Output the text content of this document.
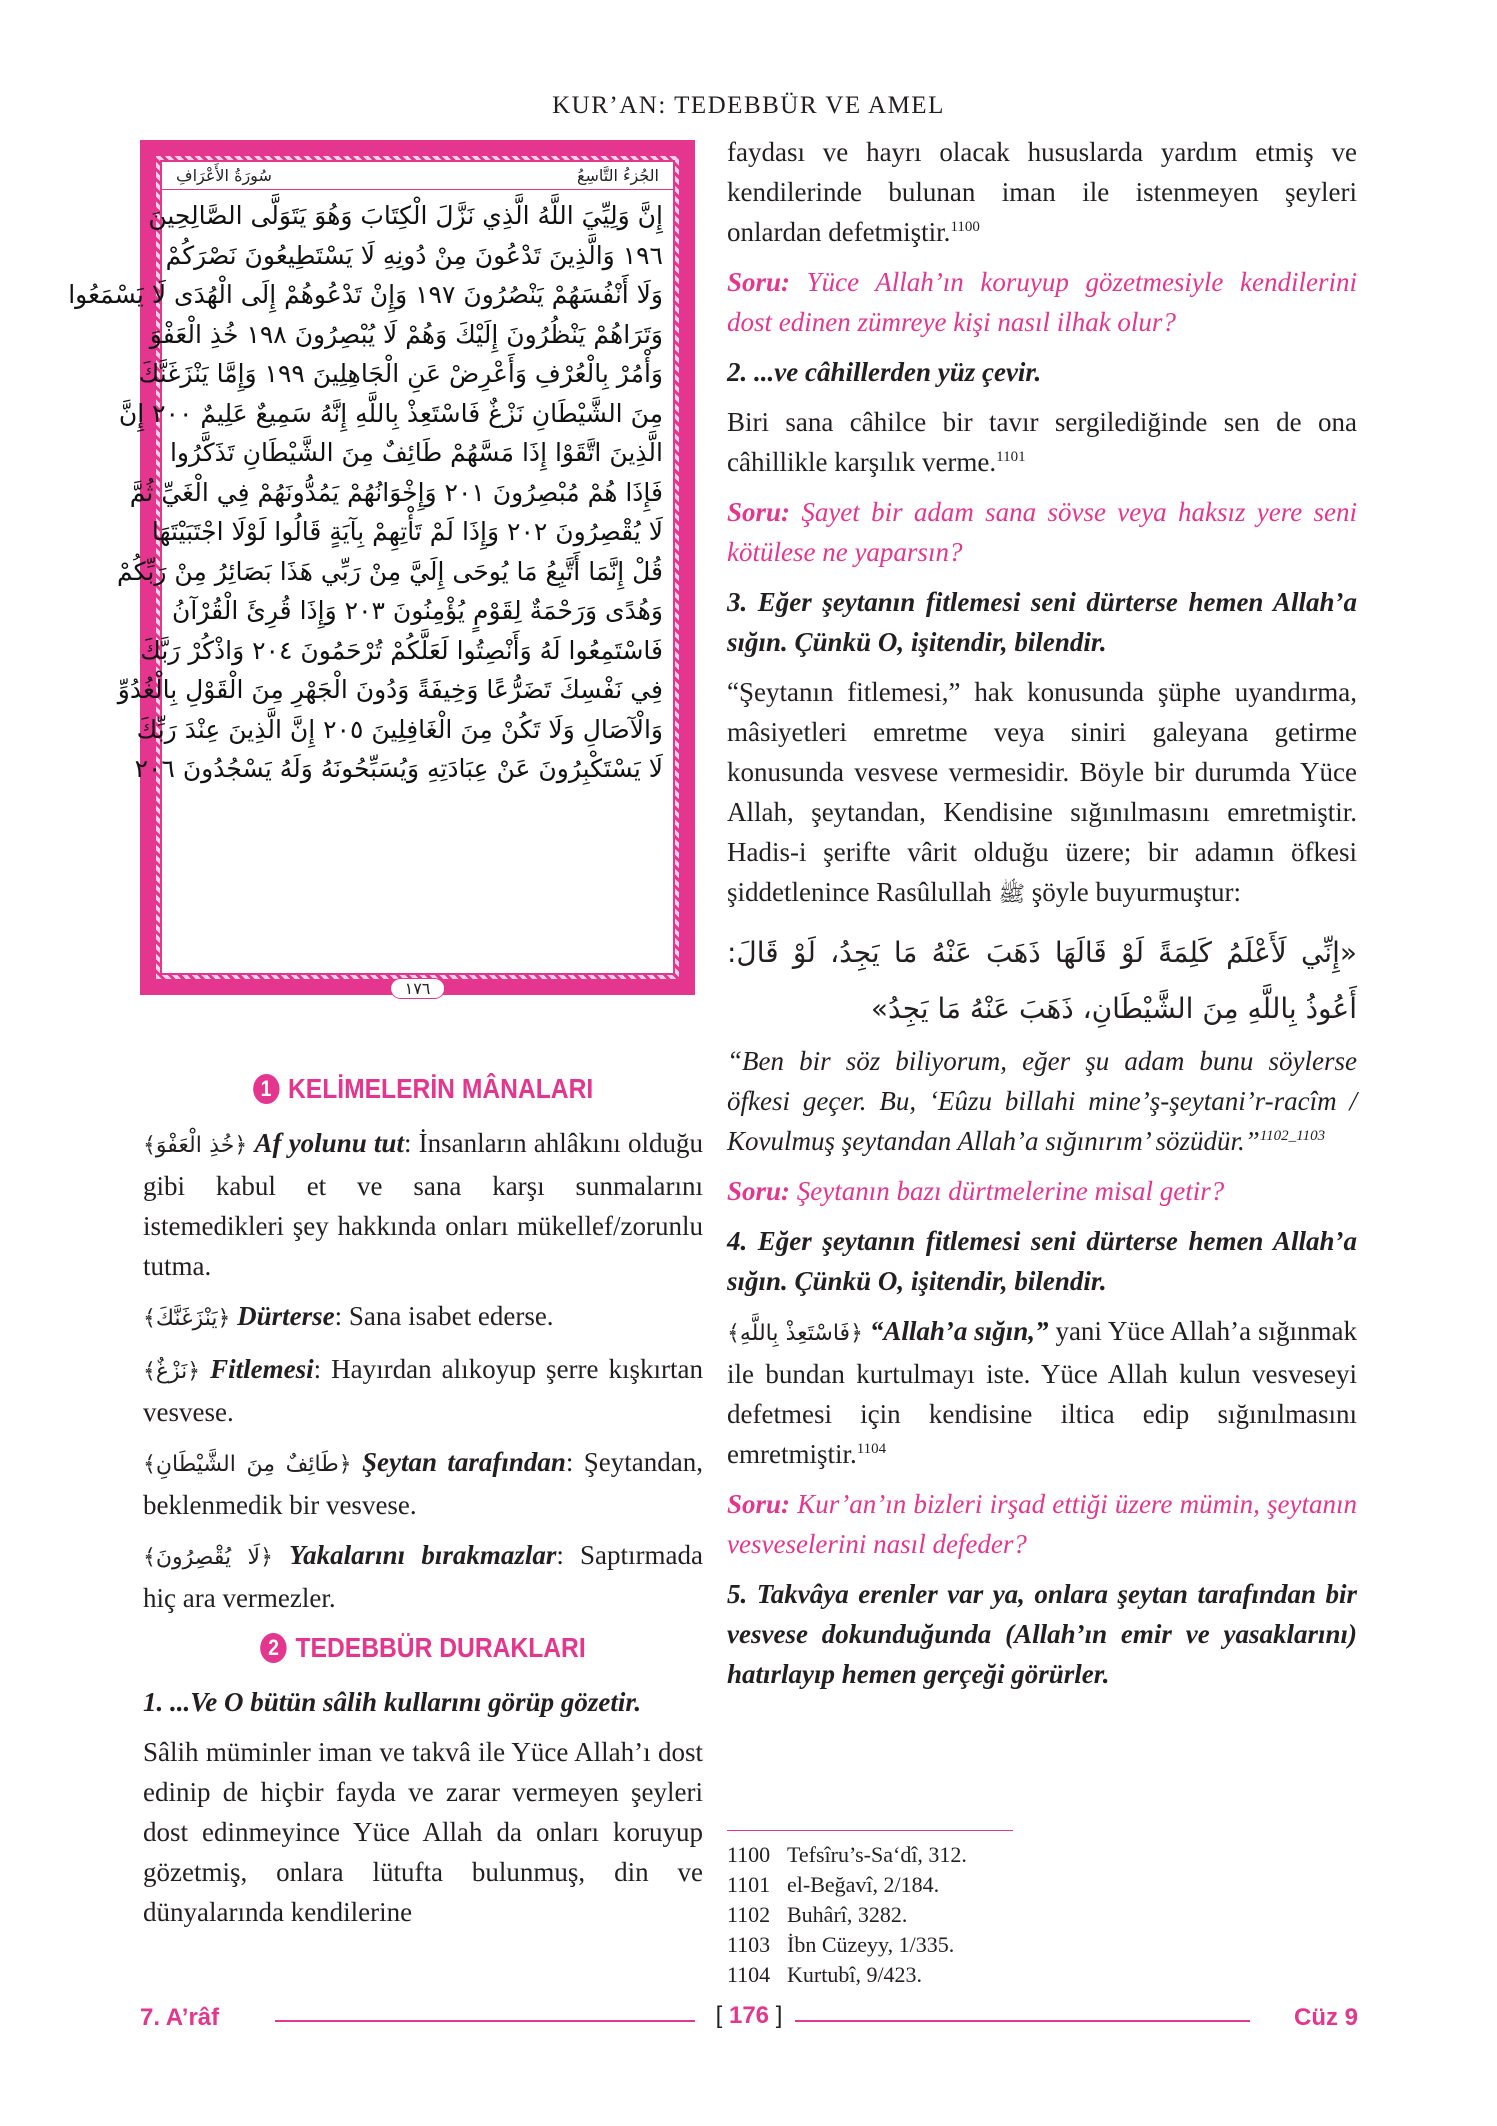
KUR’AN: TEDEBBÜR VE AMEL
الجُزءُ التَّاسِعُ
سُورَةُ الأَعْرَافِ
إِنَّ وَلِيِّيَ اللَّهُ الَّذِي نَزَّلَ الْكِتَابَ وَهُوَ يَتَوَلَّى الصَّالِحِينَ
١٩٦ وَالَّذِينَ تَدْعُونَ مِنْ دُونِهِ لَا يَسْتَطِيعُونَ نَصْرَكُمْ
وَلَا أَنْفُسَهُمْ يَنْصُرُونَ ١٩٧ وَإِنْ تَدْعُوهُمْ إِلَى الْهُدَى لَا يَسْمَعُوا
وَتَرَاهُمْ يَنْظُرُونَ إِلَيْكَ وَهُمْ لَا يُبْصِرُونَ ١٩٨ خُذِ الْعَفْوَ
وَأْمُرْ بِالْعُرْفِ وَأَعْرِضْ عَنِ الْجَاهِلِينَ ١٩٩ وَإِمَّا يَنْزَغَنَّكَ
مِنَ الشَّيْطَانِ نَزْغٌ فَاسْتَعِذْ بِاللَّهِ إِنَّهُ سَمِيعٌ عَلِيمٌ ٢٠٠ إِنَّ
الَّذِينَ اتَّقَوْا إِذَا مَسَّهُمْ طَائِفٌ مِنَ الشَّيْطَانِ تَذَكَّرُوا
فَإِذَا هُمْ مُبْصِرُونَ ٢٠١ وَإِخْوَانُهُمْ يَمُدُّونَهُمْ فِي الْغَيِّ ثُمَّ
لَا يُقْصِرُونَ ٢٠٢ وَإِذَا لَمْ تَأْتِهِمْ بِآيَةٍ قَالُوا لَوْلَا اجْتَبَيْتَهَا
قُلْ إِنَّمَا أَتَّبِعُ مَا يُوحَى إِلَيَّ مِنْ رَبِّي هَذَا بَصَائِرُ مِنْ رَبِّكُمْ
وَهُدًى وَرَحْمَةٌ لِقَوْمٍ يُؤْمِنُونَ ٢٠٣ وَإِذَا قُرِئَ الْقُرْآنُ
فَاسْتَمِعُوا لَهُ وَأَنْصِتُوا لَعَلَّكُمْ تُرْحَمُونَ ٢٠٤ وَاذْكُرْ رَبَّكَ
فِي نَفْسِكَ تَضَرُّعًا وَخِيفَةً وَدُونَ الْجَهْرِ مِنَ الْقَوْلِ بِالْغُدُوِّ
وَالْآصَالِ وَلَا تَكُنْ مِنَ الْغَافِلِينَ ٢٠٥ إِنَّ الَّذِينَ عِنْدَ رَبِّكَ
لَا يَسْتَكْبِرُونَ عَنْ عِبَادَتِهِ وَيُسَبِّحُونَهُ وَلَهُ يَسْجُدُونَ ٢٠٦
١٧٦
1 KELİMELERİN MÂNALARI

﴿خُذِ الْعَفْوَ﴾ Af yolunu tut: İnsanların ahlâkını olduğu gibi kabul et ve sana karşı sunmalarını istemedikleri şey hakkında onları mükellef/zorunlu tutma.

﴿يَنْزَغَنَّكَ﴾ Dürterse: Sana isabet ederse.

﴿نَزْغٌ﴾ Fitlemesi: Hayırdan alıkoyup şerre kışkırtan vesvese.

﴿طَائِفٌ مِنَ الشَّيْطَانِ﴾ Şeytan tarafından: Şeytandan, beklenmedik bir vesvese.

﴿لَا يُقْصِرُونَ﴾ Yakalarını bırakmazlar: Saptırmada hiç ara vermezler.

2 TEDEBBÜR DURAKLARI

1. ...Ve O bütün sâlih kullarını görüp gözetir.

Sâlih müminler iman ve takvâ ile Yüce Allah’ı dost edinip de hiçbir fayda ve zarar vermeyen şeyleri dost edinmeyince Yüce Allah da onları koruyup gözetmiş, onlara lütufta bulunmuş, din ve dünyalarında kendilerine

faydası ve hayrı olacak hususlarda yardım etmiş ve kendilerinde bulunan iman ile istenmeyen şeyleri onlardan defetmiştir.$^{1100}$

Soru: Yüce Allah’ın koruyup gözetmesiyle kendilerini dost edinen zümreye kişi nasıl ilhak olur?

2. ...ve câhillerden yüz çevir.

Biri sana câhilce bir tavır sergilediğinde sen de ona câhillikle karşılık verme.$^{1101}$

Soru: Şayet bir adam sana sövse veya haksız yere seni kötülese ne yaparsın?

3. Eğer şeytanın fitlemesi seni dürterse hemen Allah’a sığın. Çünkü O, işitendir, bilendir.

“Şeytanın fitlemesi,” hak konusunda şüphe uyandırma, mâsiyetleri emretme veya siniri galeyana getirme konusunda vesvese vermesidir. Böyle bir durumda Yüce Allah, şeytandan, Kendisine sığınılmasını emretmiştir. Hadis-i şerifte vârit olduğu üzere; bir adamın öfkesi şiddetlenince Rasûlullah ﷺ şöyle buyurmuştur:

«إِنِّي لَأَعْلَمُ كَلِمَةً لَوْ قَالَهَا ذَهَبَ عَنْهُ مَا يَجِدُ، لَوْ قَالَ: أَعُوذُ بِاللَّهِ مِنَ الشَّيْطَانِ، ذَهَبَ عَنْهُ مَا يَجِدُ»

“Ben bir söz biliyorum, eğer şu adam bunu söylerse öfkesi geçer. Bu, ‘Eûzu billahi mine’ş-şeytani’r-racîm / Kovulmuş şeytandan Allah’a sığınırım’ sözüdür.”$^{1102\_1103}$

Soru: Şeytanın bazı dürtmelerine misal getir?

4. Eğer şeytanın fitlemesi seni dürterse hemen Allah’a sığın. Çünkü O, işitendir, bilendir.

﴿فَاسْتَعِذْ بِاللَّهِ﴾ “Allah’a sığın,” yani Yüce Allah’a sığınmak ile bundan kurtulmayı iste. Yüce Allah kulun vesveseyi defetmesi için kendisine iltica edip sığınılmasını emretmiştir.$^{1104}$

Soru: Kur’an’ın bizleri irşad ettiği üzere mümin, şeytanın vesveselerini nasıl defeder?

5. Takvâya erenler var ya, onlara şeytan tarafından bir vesvese dokunduğunda (Allah’ın emir ve yasaklarını) hatırlayıp hemen gerçeği görürler.

1100 Tefsîru’s-Sa‘dî, 312.
1101 el-Beğavî, 2/184.
1102 Buhârî, 3282.
1103 İbn Cüzeyy, 1/335.
1104 Kurtubî, 9/423.
7. A’râf	[ 176 ]	Cüz 9
